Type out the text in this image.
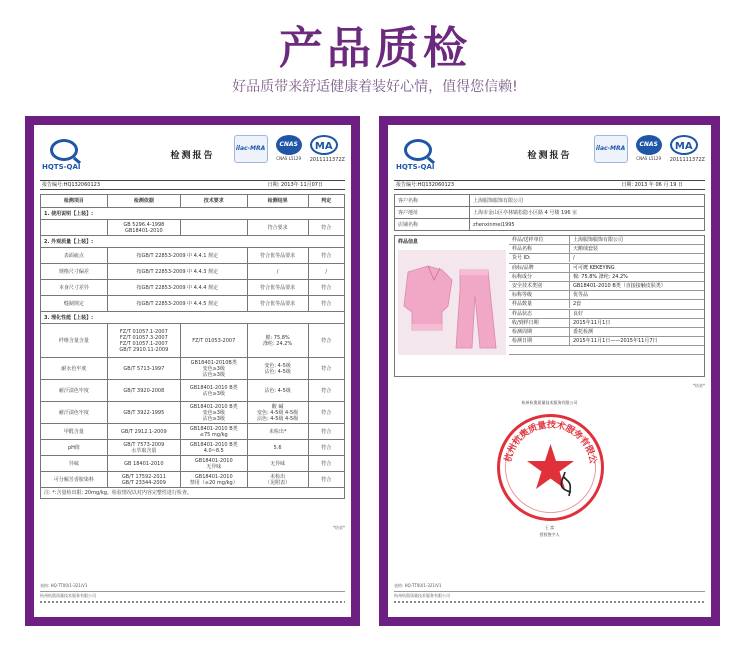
产品质检
好品质带来舒适健康着装好心情，值得您信赖!
HQTS-QAI
检测报告
ilac-MRA

CNAS
CNAS L5129

MA
2011111372Z
报告编号:HQ132060123	日期: 2013年 11月07日
检测项目	检测依据	技术要求	检测结果	判定
1. 使用说明【上装】:				
	GB 5296.4-1998
GB18401-2010		符合要求	符合
2. 外观质量【上装】:				
表面疵点	按GB/T 22853-2009 中 4.4.1 规定		符合优等品要求	符合
规格尺寸偏差	按GB/T 22853-2009 中 4.4.3 规定		/	/
本身尺寸差异	按GB/T 22853-2009 中 4.4.4 规定		符合优等品要求	符合
缝制规定	按GB/T 22853-2009 中 4.4.5 规定		符合优等品要求	符合
3. 理化性能【上装】:				
纤维含量含量	FZ/T 01057.1-2007
FZ/T 01057.3-2007
FZ/T 01057.1-2007
GB/T 2910.11-2009	FZ/T 01053-2007	棉: 75.8%
涤纶: 24.2%	符合
耐水色牢度	GB/T 5713-1997	GB18401-2010B类
变色≥3级
沾色≥3级	变色: 4-5级
沾色: 4-5级	符合
耐汗渍色牢度	GB/T 3920-2008	GB18401-2010 B类
沾色≥3级	沾色: 4-5级	符合
耐汗渍色牢度	GB/T 3922-1995	GB18401-2010 B类
变色≥3级
沾色≥3级	酸 碱
变色: 4-5级 4-5级
沾色: 4-5级 4-5级	符合
甲醛含量	GB/T 2912.1-2009	GB18401-2010 B类
≤75 mg/kg	未检出*	符合
pH值	GB/T 7573-2009
水萃取含量	GB18401-2010 B类
4.0~8.5	5.6	符合
异味	GB 18401-2010	GB18401-2010
无异味	无异味	符合
可分解芳香胺染料	GB/T 17592-2011
GB/T 23344-2009	GB18401-2010
禁用（≤20 mg/kg）	未检出
（见附表）	符合
注: *:含量检出限: 20mg/kg。检验情况以对内容完整性进行检查。				
*结束*
表格: HQ-TT00/1-321/V1
杭州杭奥质量技术服务有限公司
HQTS-QAI
检测报告
ilac-MRA

CNAS
CNAS L5129

MA
2011111372Z
报告编号:HQ132060123	日期: 2013 年 06 月 19 日
客户名称	上海服饰服饰有限公司
客户地址	上海市金山区亭林镇松隐小区路 4 号楼 196 室
店铺名称	zhenxinmei1995
样品信息	样品/送样单位	上海服饰服饰有限公司
样品名称	天鹅绒套装
货号 ID:	/
商标/品牌	可可鹰 KEKEYING
标称成分	棉: 75.8% 涤纶: 24.2%
安全技术类别	GB18401-2010 B类（直接接触皮肤类）
标称等级	优等品
样品数量	2套
样品状态	良好
收/到样日期	2015年11月1日
检测周期	委托检测
检测日期	2015年11月1日——2015年11月7日
*结束*
杭州杭奥质量技术服务有限公司
杭州杭奥质量技术服务有限公
王 富
授权签字人
表格: HQ-TT00/1-321/V1
杭州杭奥质量技术服务有限公司
